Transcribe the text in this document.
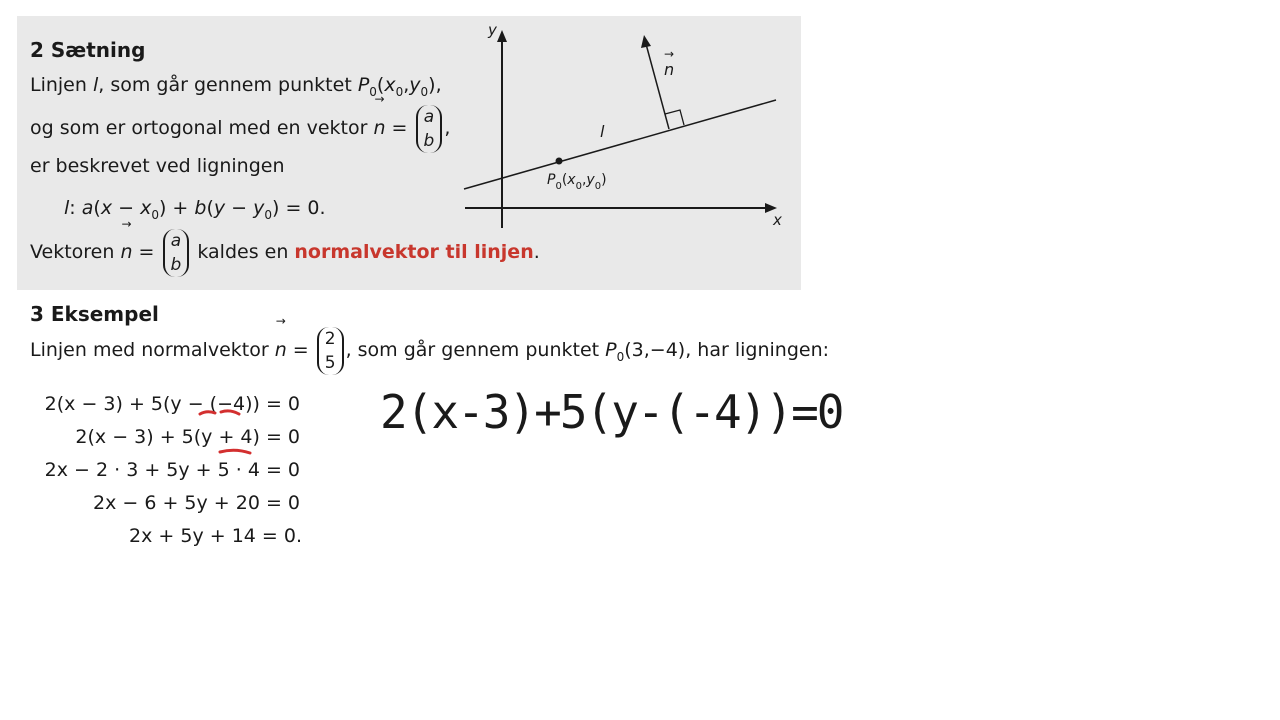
2 Sætning
Linjen l, som går gennem punktet $P_0(x_0,y_0)$,
og som er ortogonal med en vektor
→
n = a
b
,
er beskrevet ved ligningen
l: $a(x - x_0) + b(y - y_0) = 0$.
Vektoren
→
n = a
b
kaldes en normalvektor til linjen.
y
x
→
n
l
$P_0(x_0,y_0)$
3 Eksempel
Linjen med normalvektor
→
n =
2
5
, som går gennem punktet $P_0(3,-4)$, har ligningen:
2(x − 3) + 5(y − (−4)) = 0
2(x − 3) + 5(y + 4) = 0
2x − 2 · 3 + 5y + 5 · 4 = 0
2x − 6 + 5y + 20 = 0
2x + 5y + 14 = 0.
2(x-3)+5(y-(-4))=0
